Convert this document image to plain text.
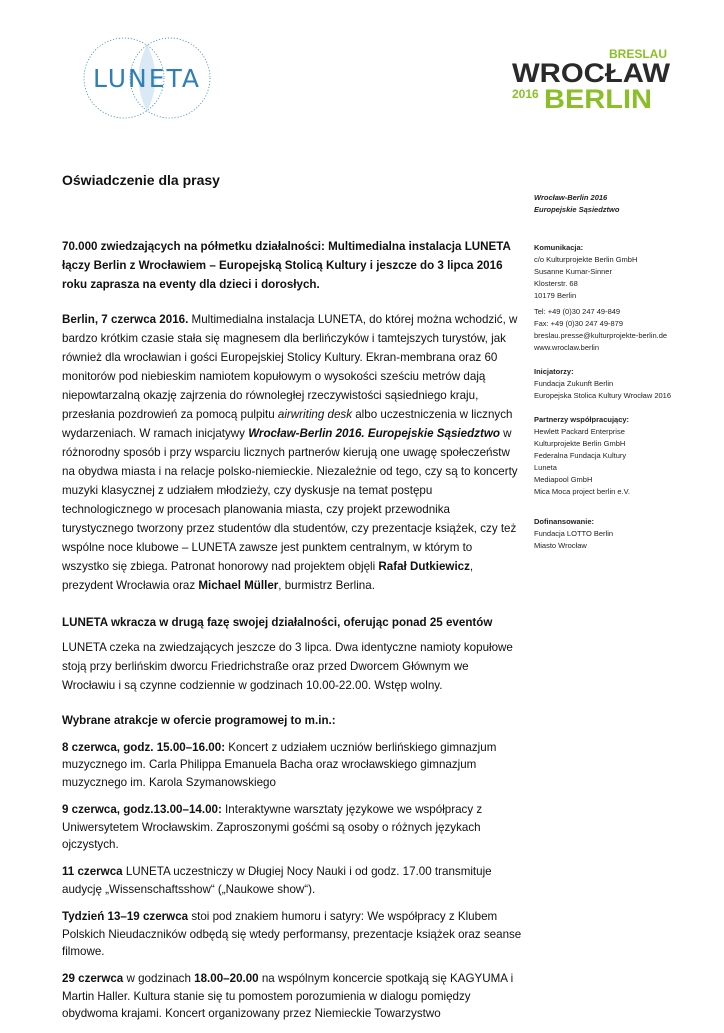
LUNETA
BRESLAU
WROCŁAW
2016 BERLIN
Oświadczenie dla prasy
Wrocław-Berlin 2016
Europejskie Sąsiedztwo
Komunikacja:
c/o Kulturprojekte Berlin GmbH
Susanne Kumar-Sinner
Klosterstr. 68
10179 Berlin
Tel: +49 (0)30 247 49-849
Fax: +49 (0)30 247 49-879
breslau.presse@kulturprojekte-berlin.de
www.wroclaw.berlin
Inicjatorzy:
Fundacja Zukunft Berlin
Europejska Stolica Kultury Wrocław 2016
Partnerzy współpracujący:
Hewlett Packard Enterprise
Kulturprojekte Berlin GmbH
Federalna Fundacja Kultury
Luneta
Mediapool GmbH
Mica Moca project berlin e.V.
Dofinansowanie:
Fundacja LOTTO Berlin
Miasto Wrocław

70.000 zwiedzających na półmetku działalności: Multimedialna instalacja LUNETA łączy Berlin z Wrocławiem – Europejską Stolicą Kultury i jeszcze do 3 lipca 2016 roku zaprasza na eventy dla dzieci i dorosłych.

Berlin, 7 czerwca 2016. Multimedialna instalacja LUNETA, do której można wchodzić, w bardzo krótkim czasie stała się magnesem dla berlińczyków i tamtejszych turystów, jak również dla wrocławian i gości Europejskiej Stolicy Kultury. Ekran-membrana oraz 60 monitorów pod niebieskim namiotem kopułowym o wysokości sześciu metrów dają niepowtarzalną okazję zajrzenia do równoległej rzeczywistości sąsiedniego kraju, przesłania pozdrowień za pomocą pulpitu airwriting desk albo uczestniczenia w licznych wydarzeniach. W ramach inicjatywy Wrocław-Berlin 2016. Europejskie Sąsiedztwo w różnorodny sposób i przy wsparciu licznych partnerów kierują one uwagę społeczeństw na obydwa miasta i na relacje polsko-niemieckie. Niezależnie od tego, czy są to koncerty muzyki klasycznej z udziałem młodzieży, czy dyskusje na temat postępu technologicznego w procesach planowania miasta, czy projekt przewodnika turystycznego tworzony przez studentów dla studentów, czy prezentacje książek, czy też wspólne noce klubowe – LUNETA zawsze jest punktem centralnym, w którym to wszystko się zbiega. Patronat honorowy nad projektem objęli Rafał Dutkiewicz, prezydent Wrocławia oraz Michael Müller, burmistrz Berlina.

LUNETA wkracza w drugą fazę swojej działalności, oferując ponad 25 eventów

LUNETA czeka na zwiedzających jeszcze do 3 lipca. Dwa identyczne namioty kopułowe stoją przy berlińskim dworcu Friedrichstraße oraz przed Dworcem Głównym we Wrocławiu i są czynne codziennie w godzinach 10.00-22.00. Wstęp wolny.

Wybrane atrakcje w ofercie programowej to m.in.:

8 czerwca, godz. 15.00–16.00: Koncert z udziałem uczniów berlińskiego gimnazjum muzycznego im. Carla Philippa Emanuela Bacha oraz wrocławskiego gimnazjum muzycznego im. Karola Szymanowskiego

9 czerwca, godz.13.00–14.00: Interaktywne warsztaty językowe we współpracy z Uniwersytetem Wrocławskim. Zaproszonymi gośćmi są osoby o różnych językach ojczystych.

11 czerwca LUNETA uczestniczy w Długiej Nocy Nauki i od godz. 17.00 transmituje audycję „Wissenschaftsshow“ („Naukowe show“).

Tydzień 13–19 czerwca stoi pod znakiem humoru i satyry: We współpracy z Klubem Polskich Nieudaczników odbędą się wtedy performansy, prezentacje książek oraz seanse filmowe.

29 czerwca w godzinach 18.00–20.00 na wspólnym koncercie spotkają się KAGYUMA i Martin Haller. Kultura stanie się tu pomostem porozumienia w dialogu pomiędzy obydwoma krajami. Koncert organizowany przez Niemieckie Towarzystwo
